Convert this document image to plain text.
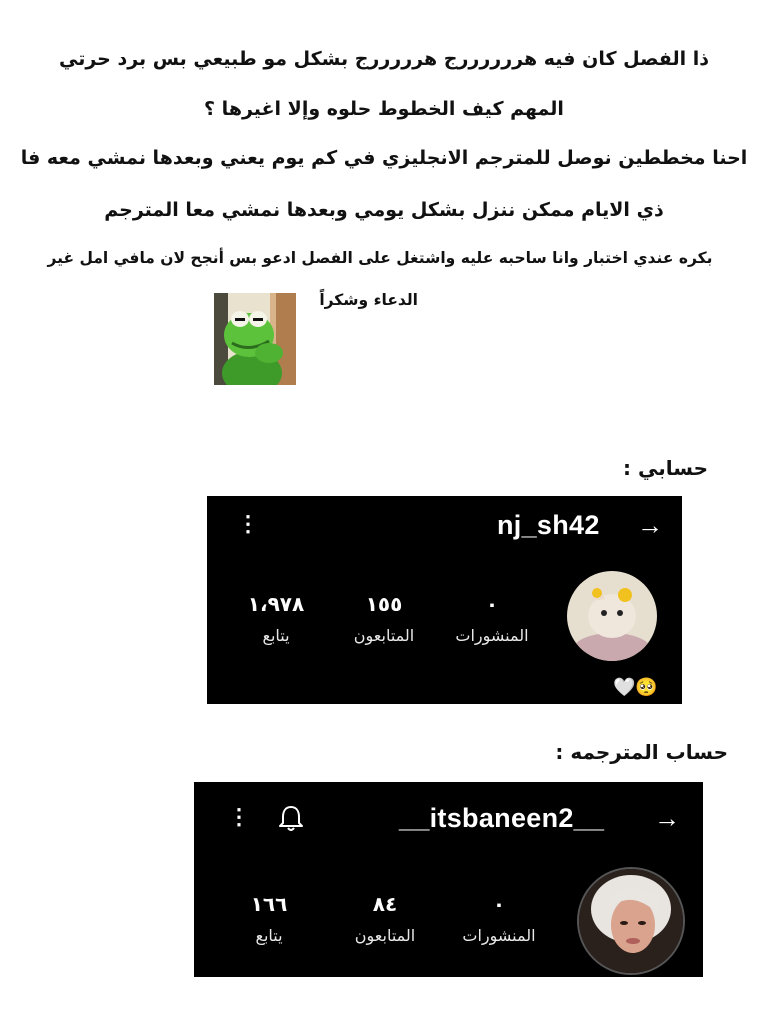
ذا الفصل كان فيه هررررررج هرررررج بشكل مو طبيعي بس برد حرتي
المهم كيف الخطوط حلوه وإلا اغيرها ؟
احنا مخططين نوصل للمترجم الانجليزي في كم يوم يعني وبعدها نمشي معه فا
ذي الايام ممكن ننزل بشكل يومي وبعدها نمشي معا المترجم
بكره عندي اختبار وانا ساحبه عليه واشتغل على الفصل ادعو بس أنجح لان مافي امل غير
الدعاء وشكراً
حسابي :
→
nj_sh42
⋮
٠
المنشورات
١٥٥
المتابعون
١،٩٧٨
يتابع
🤍🥺
حساب المترجمه :
→
__itsbaneen2__
⋮
٠
المنشورات
٨٤
المتابعون
١٦٦
يتابع
